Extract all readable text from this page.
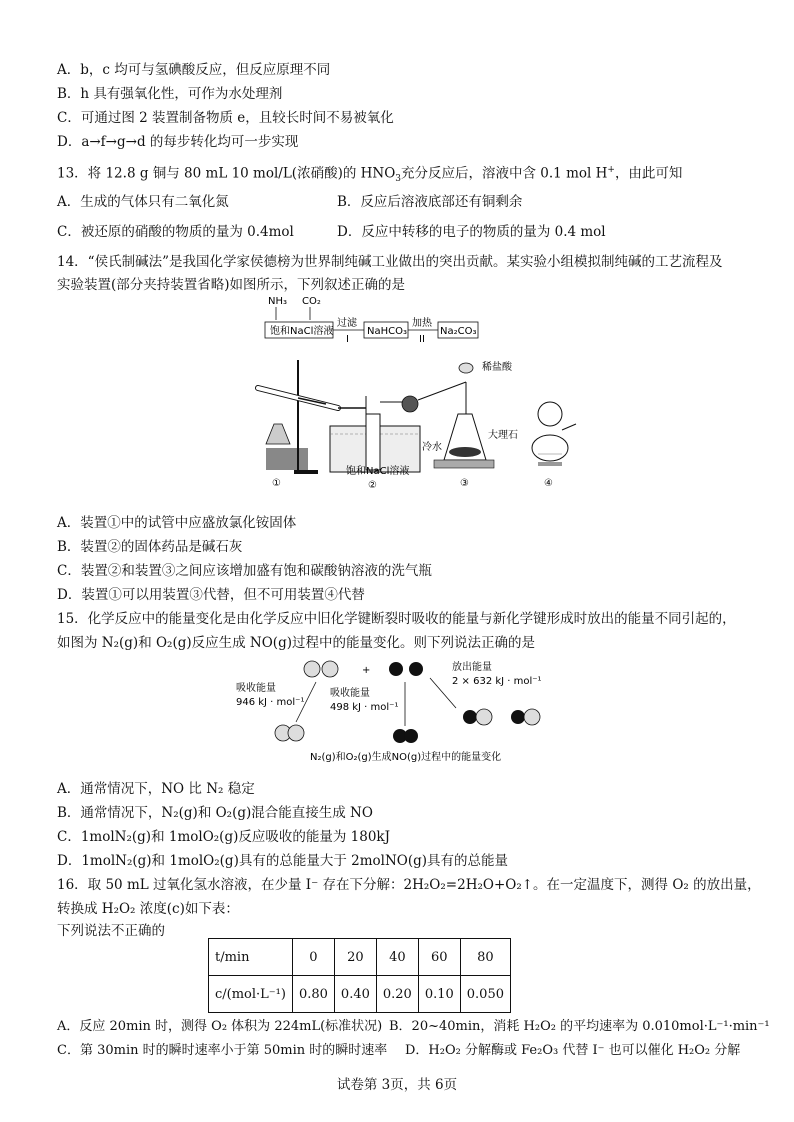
A．b，c 均可与氢碘酸反应，但反应原理不同
B．h 具有强氧化性，可作为水处理剂
C．可通过图 2 装置制备物质 e，且较长时间不易被氧化
D．a→f→g→d 的每步转化均可一步实现
13．将 12.8 g 铜与 80 mL 10 mol/L(浓硝酸)的 $HNO_3$充分反应后，溶液中含 0.1 mol H+，由此可知
A．生成的气体只有二氧化氮	B．反应后溶液底部还有铜剩余
C．被还原的硝酸的物质的量为 0.4mol	D．反应中转移的电子的物质的量为 0.4 mol
14．“侯氏制碱法”是我国化学家侯德榜为世界制纯碱工业做出的突出贡献。某实验小组模拟制纯碱的工艺流程及
实验装置(部分夹持装置省略)如图所示，下列叙述正确的是
NH₃ CO₂
饱和NaCl溶液
过滤
I
NaHCO₃
加热
II
Na₂CO₃
冷水
饱和NaCl溶液
稀盐酸
大理石
①	②	③	④
A．装置①中的试管中应盛放氯化铵固体
B．装置②的固体药品是碱石灰
C．装置②和装置③之间应该增加盛有饱和碳酸钠溶液的洗气瓶
D．装置①可以用装置③代替，但不可用装置④代替
15．化学反应中的能量变化是由化学反应中旧化学键断裂时吸收的能量与新化学键形成时放出的能量不同引起的，
如图为 N₂(g)和 O₂(g)反应生成 NO(g)过程中的能量变化。则下列说法正确的是
+
吸收能量
946 kJ · mol⁻¹
吸收能量
498 kJ · mol⁻¹
放出能量
2 × 632 kJ · mol⁻¹
N₂(g)和O₂(g)生成NO(g)过程中的能量变化
A．通常情况下，NO 比 N₂ 稳定
B．通常情况下，N₂(g)和 O₂(g)混合能直接生成 NO
C．1molN₂(g)和 1molO₂(g)反应吸收的能量为 180kJ
D．1molN₂(g)和 1molO₂(g)具有的总能量大于 2molNO(g)具有的总能量
16．取 50 mL 过氧化氢水溶液，在少量 I⁻ 存在下分解：2H₂O₂=2H₂O+O₂↑。在一定温度下，测得 O₂ 的放出量，
转换成 H₂O₂ 浓度(c)如下表：
下列说法不正确的
t/min	0	20	40	60	80
c/(mol·L⁻¹)	0.80	0.40	0.20	0.10	0.050
A．反应 20min 时，测得 O₂ 体积为 224mL(标准状况) B．20~40min，消耗 H₂O₂ 的平均速率为 0.010mol·L⁻¹·min⁻¹
C．第 30min 时的瞬时速率小于第 50min 时的瞬时速率 D．H₂O₂ 分解酶或 Fe₂O₃ 代替 I⁻ 也可以催化 H₂O₂ 分解
试卷第 3页，共 6页
